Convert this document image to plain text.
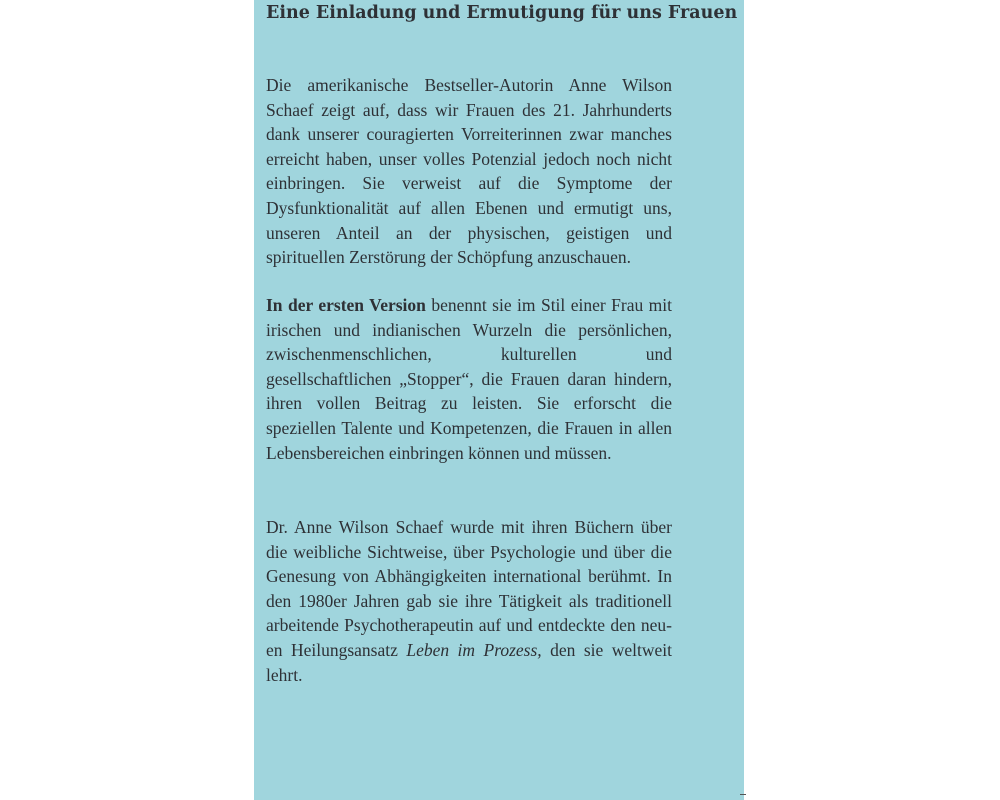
Eine Einladung und Ermutigung für uns Frauen

Die amerikanische Bestseller-Autorin Anne Wilson Schaef zeigt auf, dass wir Frauen des 21. Jahrhunderts dank unserer couragierten Vorreiterinnen zwar manches erreicht haben, unser volles Potenzial jedoch noch nicht einbringen. Sie verweist auf die Symptome der Dysfunktionalität auf allen Ebenen und ermutigt uns, unseren Anteil an der physischen, geistigen und spirituellen Zerstörung der Schöpfung anzuschauen.

In der ersten Version benennt sie im Stil einer Frau mit irischen und indianischen Wurzeln die persönlichen, zwischenmenschlichen, kulturellen und gesellschaftlichen „Stopper“, die Frauen daran hindern, ihren vollen Beitrag zu leisten. Sie erforscht die speziellen Talente und Kompetenzen, die Frauen in allen Lebensbereichen einbringen können und müssen.

Dr. Anne Wilson Schaef wurde mit ihren Büchern über die weibliche Sichtweise, über Psychologie und über die Genesung von Abhängigkeiten international berühmt. In den 1980er Jahren gab sie ihre Tätigkeit als traditionell arbeitende Psychotherapeutin auf und entdeckte den neuen Heilungsansatz Leben im Prozess, den sie weltweit lehrt.
